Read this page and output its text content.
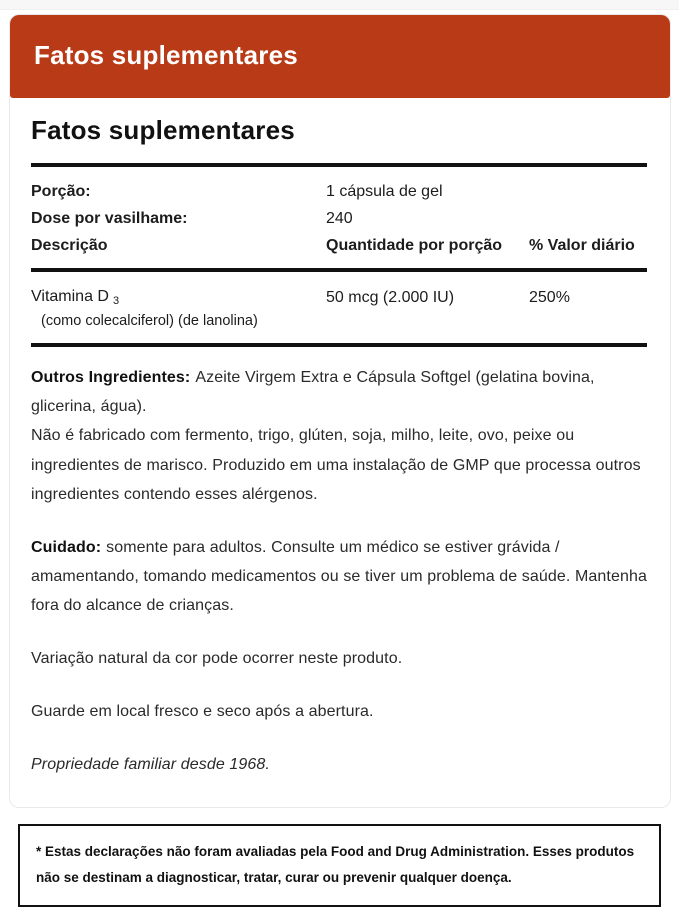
Fatos suplementares
Fatos suplementares
Porção:	1 cápsula de gel
Dose por vasilhame:	240
Descrição	Quantidade por porção	% Valor diário
Vitamina D $_3$
(como colecalciferol) (de lanolina)
50 mcg (2.000 IU)	250%

Outros Ingredientes: Azeite Virgem Extra e Cápsula Softgel (gelatina bovina, glicerina, água).

Não é fabricado com fermento, trigo, glúten, soja, milho, leite, ovo, peixe ou ingredientes de marisco. Produzido em uma instalação de GMP que processa outros ingredientes contendo esses alérgenos.

Cuidado: somente para adultos. Consulte um médico se estiver grávida / amamentando, tomando medicamentos ou se tiver um problema de saúde. Mantenha fora do alcance de crianças.

Variação natural da cor pode ocorrer neste produto.

Guarde em local fresco e seco após a abertura.

Propriedade familiar desde 1968.

* Estas declarações não foram avaliadas pela Food and Drug Administration. Esses produtos não se destinam a diagnosticar, tratar, curar ou prevenir qualquer doença.
